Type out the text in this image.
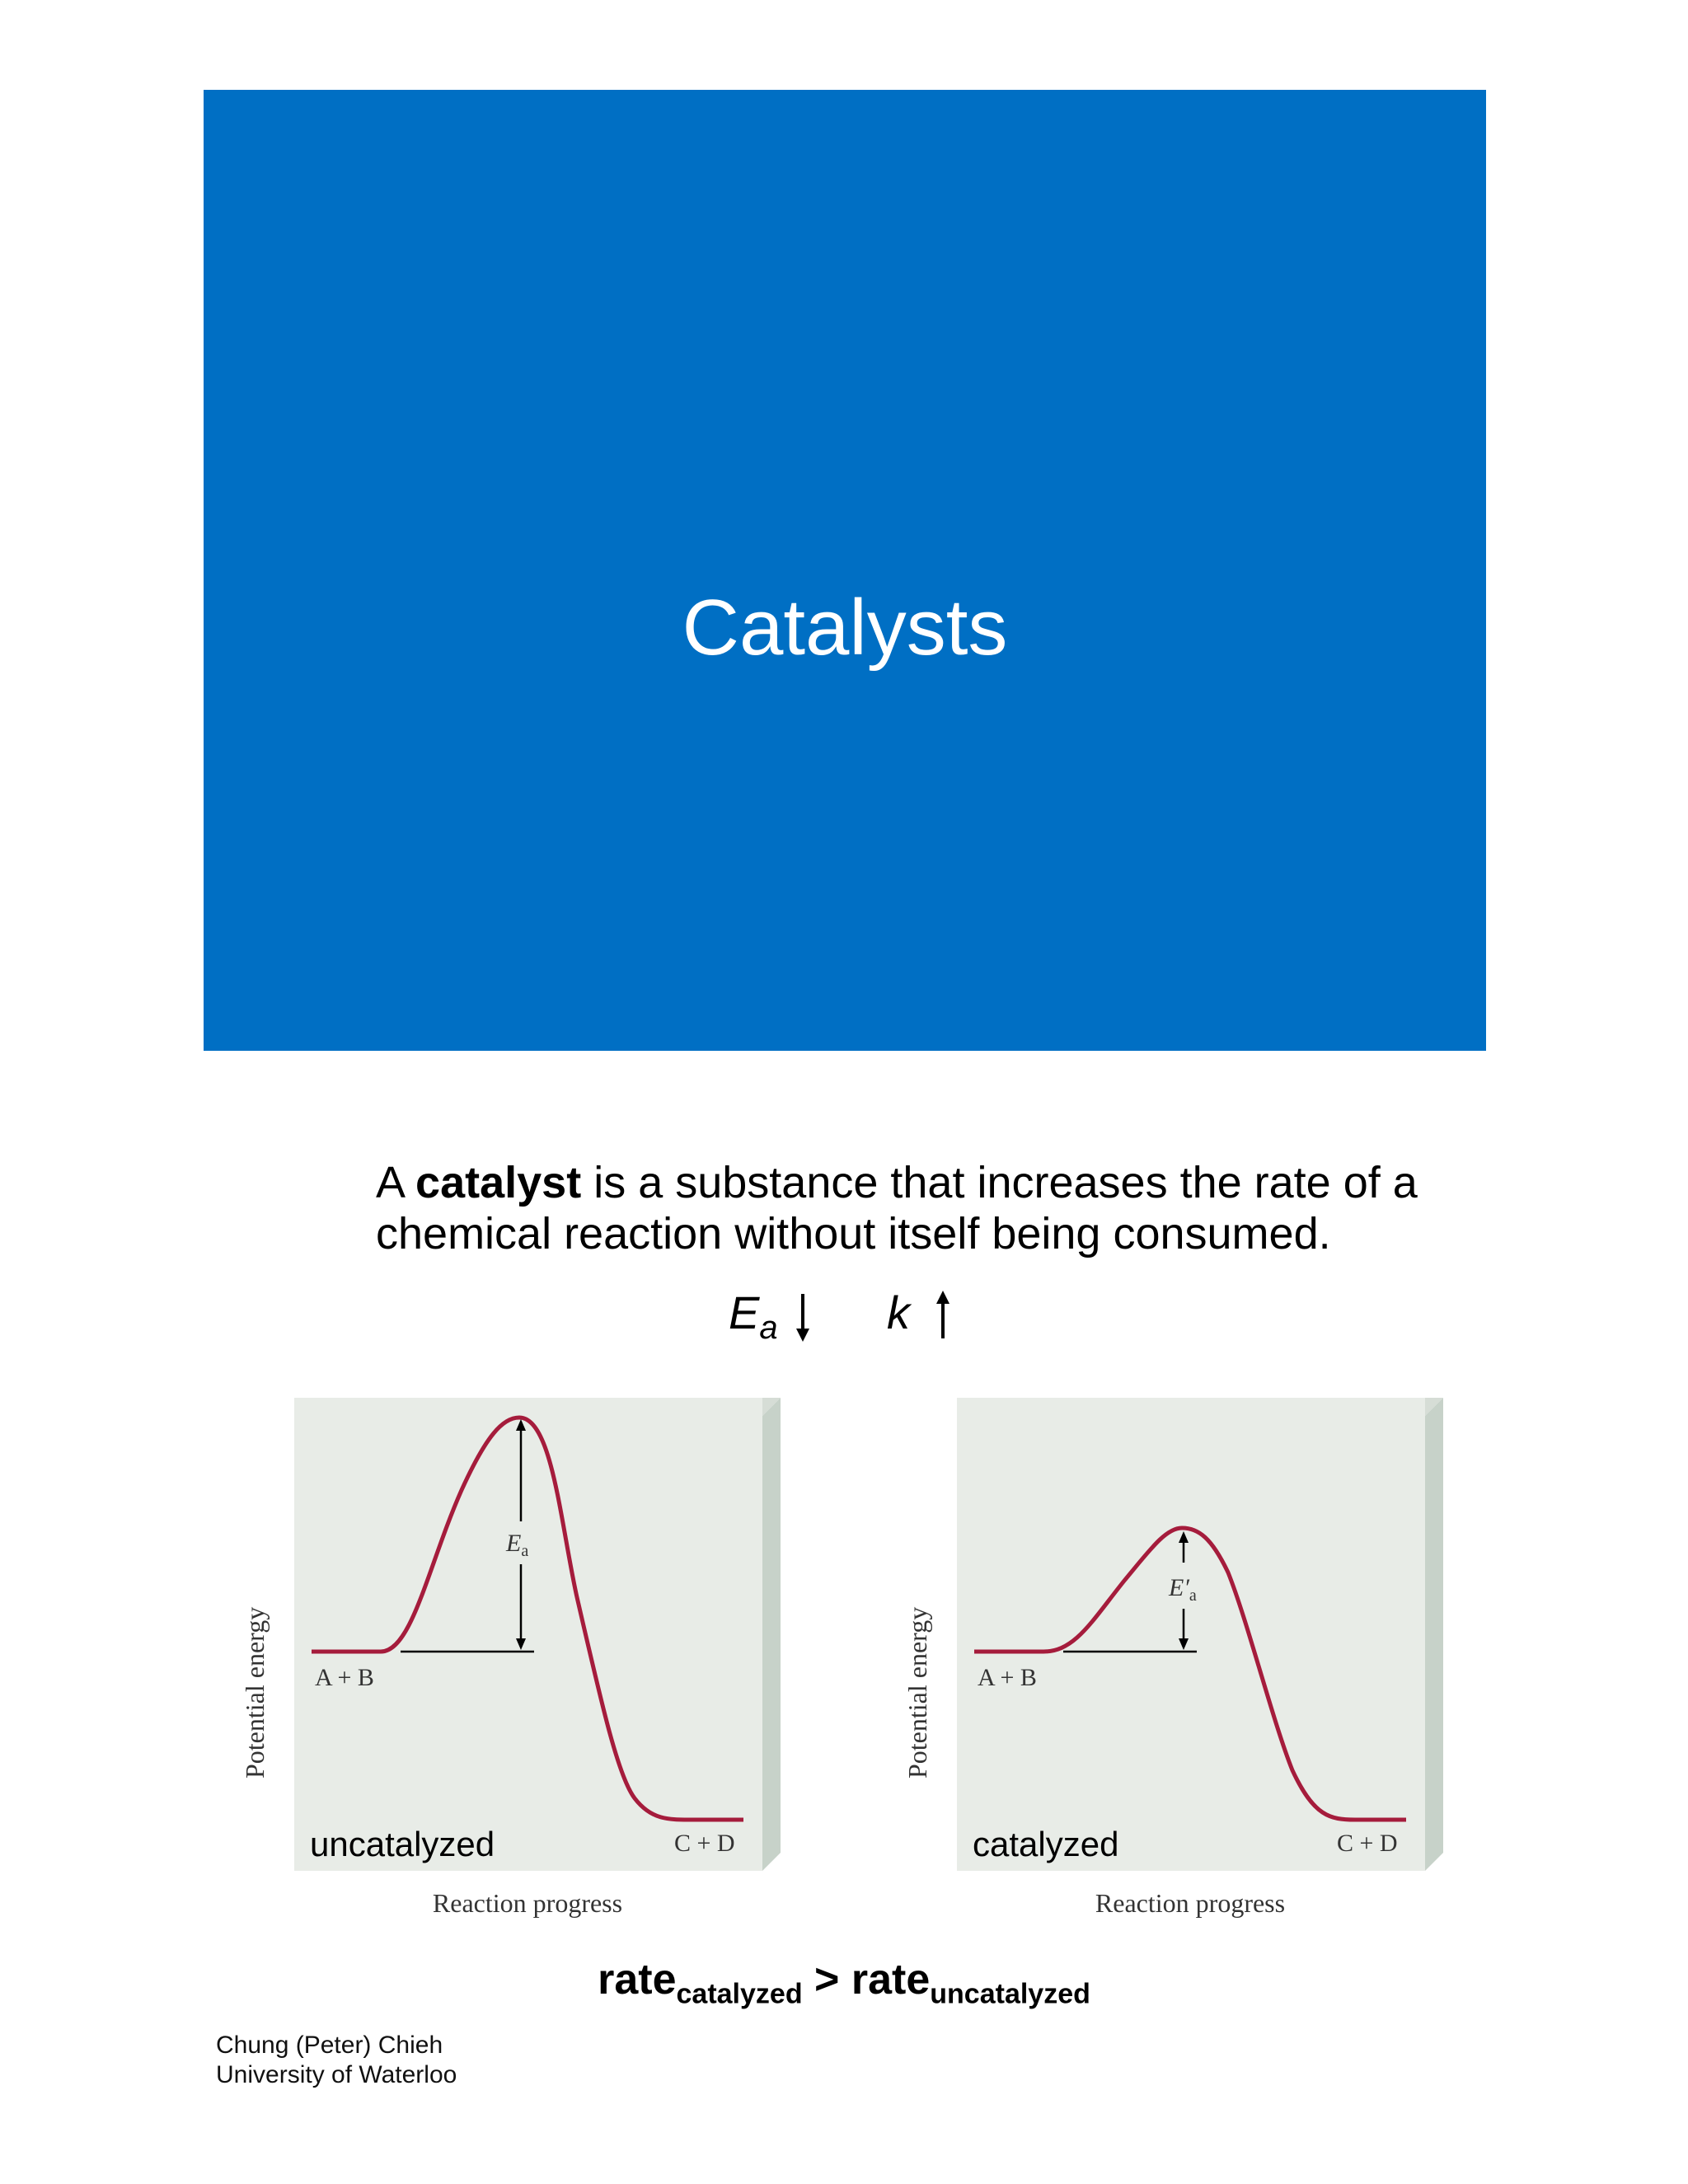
Catalysts
A catalyst is a substance that increases the rate of a chemical reaction without itself being consumed.
$E_a$ k
$E_a$
A + B
C + D
uncatalyzed
Potential energy
Reaction progress
$E'_a$
A + B
C + D
catalyzed
Potential energy
Reaction progress
rate$_{catalyzed}$ > rate$_{uncatalyzed}$
Chung (Peter) Chieh
University of Waterloo
